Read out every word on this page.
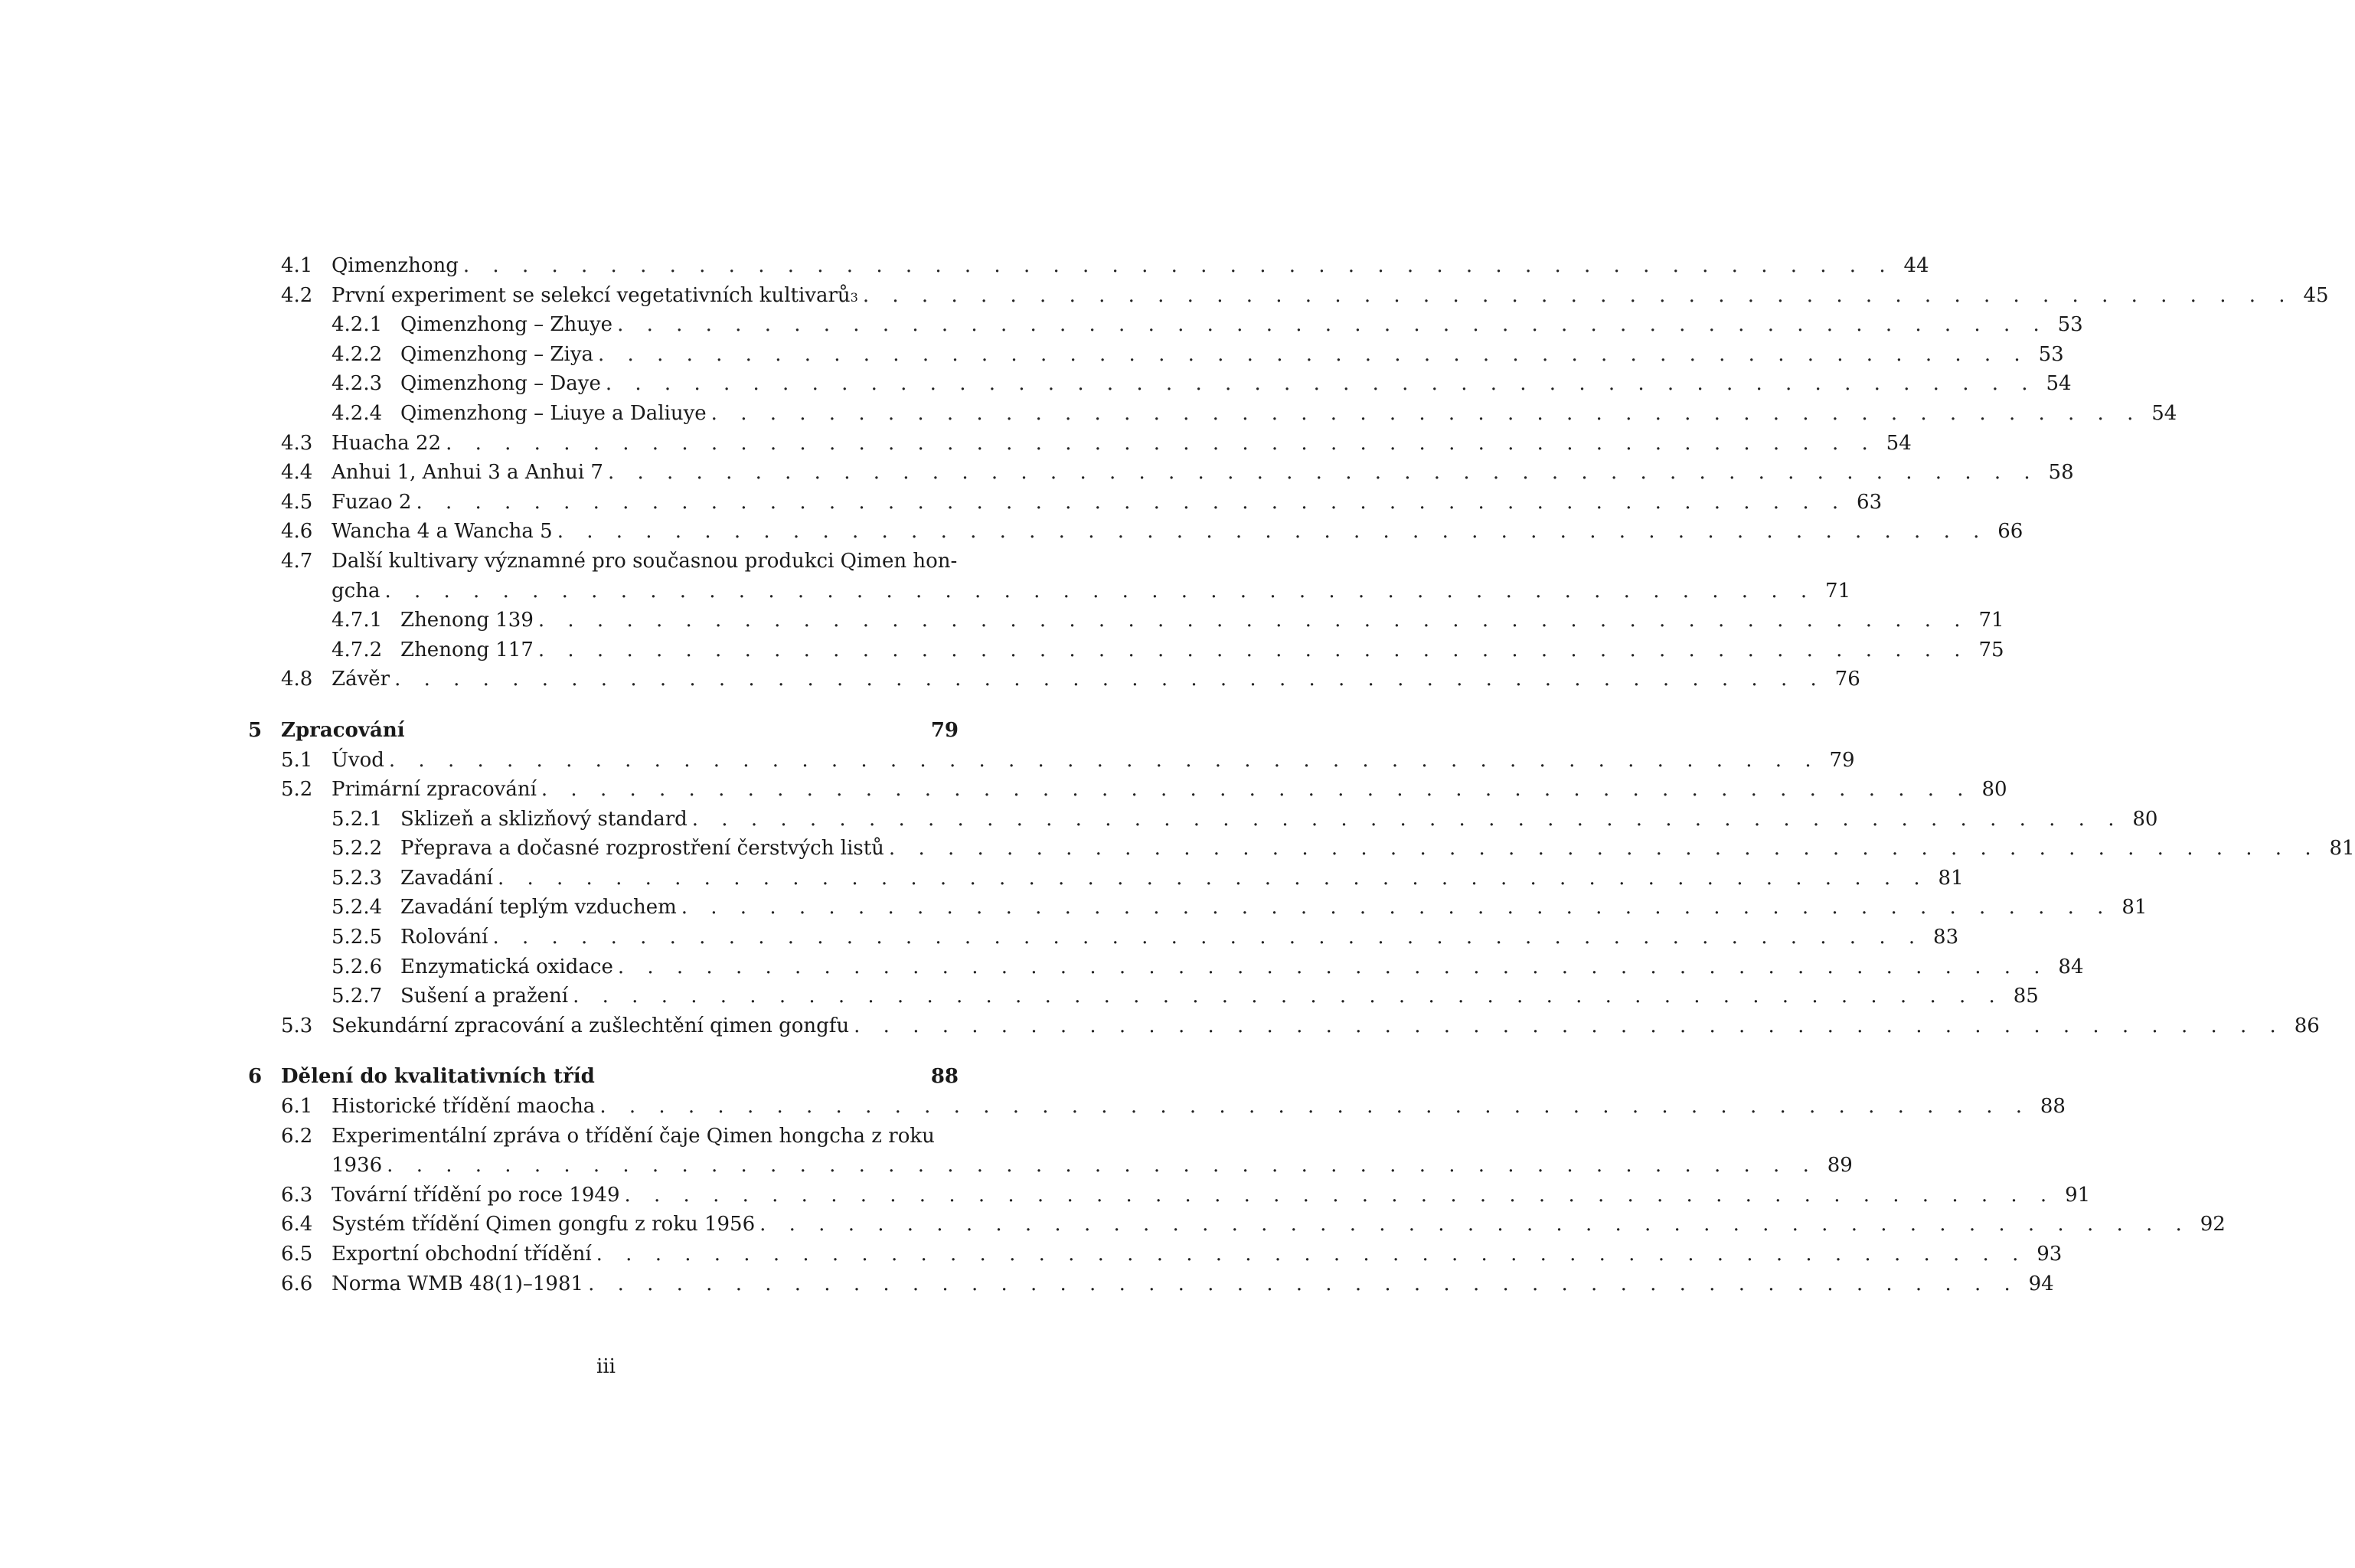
4.1 Qimenzhong . . . . . . . . . . . . . . . . . . . . . . . . . . . . . . . . . . . . . . . . . . . . . . . . . 44
4.2 První experiment se selekcí vegetativních kultivarů 3 . . . . . . . . . . . . . . . . . . . . . . . . . . . . . . . . . . . . . . . . . . . . . . . . . 45
4.2.1 Qimenzhong – Zhuye . . . . . . . . . . . . . . . . . . . . . . . . . . . . . . . . . . . . . . . . . . . . . . . . . 53
4.2.2 Qimenzhong – Ziya . . . . . . . . . . . . . . . . . . . . . . . . . . . . . . . . . . . . . . . . . . . . . . . . . 53
4.2.3 Qimenzhong – Daye . . . . . . . . . . . . . . . . . . . . . . . . . . . . . . . . . . . . . . . . . . . . . . . . . 54
4.2.4 Qimenzhong – Liuye a Daliuye . . . . . . . . . . . . . . . . . . . . . . . . . . . . . . . . . . . . . . . . . . . . . . . . . 54
4.3 Huacha 22 . . . . . . . . . . . . . . . . . . . . . . . . . . . . . . . . . . . . . . . . . . . . . . . . . 54
4.4 Anhui 1, Anhui 3 a Anhui 7 . . . . . . . . . . . . . . . . . . . . . . . . . . . . . . . . . . . . . . . . . . . . . . . . . 58
4.5 Fuzao 2 . . . . . . . . . . . . . . . . . . . . . . . . . . . . . . . . . . . . . . . . . . . . . . . . . 63
4.6 Wancha 4 a Wancha 5 . . . . . . . . . . . . . . . . . . . . . . . . . . . . . . . . . . . . . . . . . . . . . . . . . 66
4.7 Další kultivary významné pro současnou produkci Qimen hon-
gcha . . . . . . . . . . . . . . . . . . . . . . . . . . . . . . . . . . . . . . . . . . . . . . . . . 71
4.7.1 Zhenong 139 . . . . . . . . . . . . . . . . . . . . . . . . . . . . . . . . . . . . . . . . . . . . . . . . . 71
4.7.2 Zhenong 117 . . . . . . . . . . . . . . . . . . . . . . . . . . . . . . . . . . . . . . . . . . . . . . . . . 75
4.8 Závěr . . . . . . . . . . . . . . . . . . . . . . . . . . . . . . . . . . . . . . . . . . . . . . . . . 76
5 Zpracování	79
5.1 Úvod . . . . . . . . . . . . . . . . . . . . . . . . . . . . . . . . . . . . . . . . . . . . . . . . . 79
5.2 Primární zpracování . . . . . . . . . . . . . . . . . . . . . . . . . . . . . . . . . . . . . . . . . . . . . . . . . 80
5.2.1 Sklizeň a sklizňový standard . . . . . . . . . . . . . . . . . . . . . . . . . . . . . . . . . . . . . . . . . . . . . . . . . 80
5.2.2 Přeprava a dočasné rozprostření čerstvých listů . . . . . . . . . . . . . . . . . . . . . . . . . . . . . . . . . . . . . . . . . . . . . . . . . 81
5.2.3 Zavadání . . . . . . . . . . . . . . . . . . . . . . . . . . . . . . . . . . . . . . . . . . . . . . . . . 81
5.2.4 Zavadání teplým vzduchem . . . . . . . . . . . . . . . . . . . . . . . . . . . . . . . . . . . . . . . . . . . . . . . . . 81
5.2.5 Rolování . . . . . . . . . . . . . . . . . . . . . . . . . . . . . . . . . . . . . . . . . . . . . . . . . 83
5.2.6 Enzymatická oxidace . . . . . . . . . . . . . . . . . . . . . . . . . . . . . . . . . . . . . . . . . . . . . . . . . 84
5.2.7 Sušení a pražení . . . . . . . . . . . . . . . . . . . . . . . . . . . . . . . . . . . . . . . . . . . . . . . . . 85
5.3 Sekundární zpracování a zušlechtění qimen gongfu . . . . . . . . . . . . . . . . . . . . . . . . . . . . . . . . . . . . . . . . . . . . . . . . . 86
6 Dělení do kvalitativních tříd	88
6.1 Historické třídění maocha . . . . . . . . . . . . . . . . . . . . . . . . . . . . . . . . . . . . . . . . . . . . . . . . . 88
6.2 Experimentální zpráva o třídění čaje Qimen hongcha z roku
1936 . . . . . . . . . . . . . . . . . . . . . . . . . . . . . . . . . . . . . . . . . . . . . . . . . 89
6.3 Tovární třídění po roce 1949 . . . . . . . . . . . . . . . . . . . . . . . . . . . . . . . . . . . . . . . . . . . . . . . . . 91
6.4 Systém třídění Qimen gongfu z roku 1956 . . . . . . . . . . . . . . . . . . . . . . . . . . . . . . . . . . . . . . . . . . . . . . . . . 92
6.5 Exportní obchodní třídění . . . . . . . . . . . . . . . . . . . . . . . . . . . . . . . . . . . . . . . . . . . . . . . . . 93
6.6 Norma WMB 48(1)–1981 . . . . . . . . . . . . . . . . . . . . . . . . . . . . . . . . . . . . . . . . . . . . . . . . . 94
iii
